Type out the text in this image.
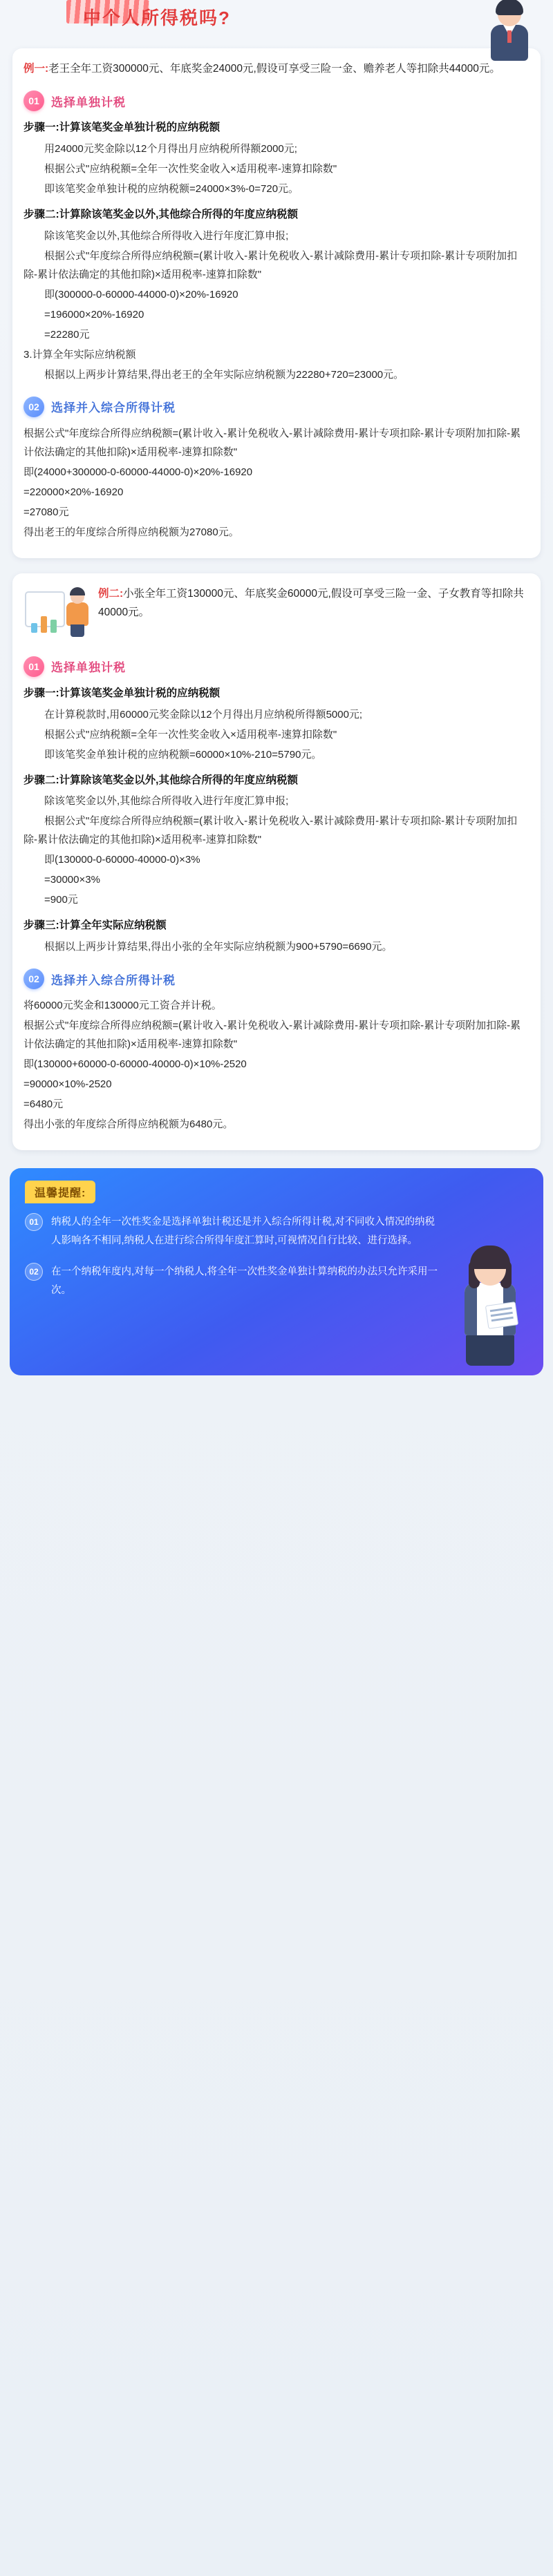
中个人所得税吗?
例一:老王全年工资300000元、年底奖金24000元,假设可享受三险一金、赡养老人等扣除共44000元。
01	选择单独计税
步骤一:计算该笔奖金单独计税的应纳税额

用24000元奖金除以12个月得出月应纳税所得额2000元;

根据公式"应纳税额=全年一次性奖金收入×适用税率-速算扣除数"

即该笔奖金单独计税的应纳税额=24000×3%-0=720元。

步骤二:计算除该笔奖金以外,其他综合所得的年度应纳税额

除该笔奖金以外,其他综合所得收入进行年度汇算申报;

根据公式"年度综合所得应纳税额=(累计收入-累计免税收入-累计减除费用-累计专项扣除-累计专项附加扣除-累计依法确定的其他扣除)×适用税率-速算扣除数"

即(300000-0-60000-44000-0)×20%-16920

=196000×20%-16920

=22280元

3.计算全年实际应纳税额

根据以上两步计算结果,得出老王的全年实际应纳税额为22280+720=23000元。

02	选择并入综合所得计税

根据公式"年度综合所得应纳税额=(累计收入-累计免税收入-累计减除费用-累计专项扣除-累计专项附加扣除-累计依法确定的其他扣除)×适用税率-速算扣除数"

即(24000+300000-0-60000-44000-0)×20%-16920

=220000×20%-16920

=27080元

得出老王的年度综合所得应纳税额为27080元。

例二:小张全年工资130000元、年底奖金60000元,假设可享受三险一金、子女教育等扣除共40000元。
01	选择单独计税
步骤一:计算该笔奖金单独计税的应纳税额

在计算税款时,用60000元奖金除以12个月得出月应纳税所得额5000元;

根据公式"应纳税额=全年一次性奖金收入×适用税率-速算扣除数"

即该笔奖金单独计税的应纳税额=60000×10%-210=5790元。

步骤二:计算除该笔奖金以外,其他综合所得的年度应纳税额

除该笔奖金以外,其他综合所得收入进行年度汇算申报;

根据公式"年度综合所得应纳税额=(累计收入-累计免税收入-累计减除费用-累计专项扣除-累计专项附加扣除-累计依法确定的其他扣除)×适用税率-速算扣除数"

即(130000-0-60000-40000-0)×3%

=30000×3%

=900元

步骤三:计算全年实际应纳税额

根据以上两步计算结果,得出小张的全年实际应纳税额为900+5790=6690元。

02	选择并入综合所得计税

将60000元奖金和130000元工资合并计税。

根据公式"年度综合所得应纳税额=(累计收入-累计免税收入-累计减除费用-累计专项扣除-累计专项附加扣除-累计依法确定的其他扣除)×适用税率-速算扣除数"

即(130000+60000-0-60000-40000-0)×10%-2520

=90000×10%-2520

=6480元

得出小张的年度综合所得应纳税额为6480元。

温馨提醒:
01	纳税人的全年一次性奖金是选择单独计税还是并入综合所得计税,对不同收入情况的纳税人影响各不相同,纳税人在进行综合所得年度汇算时,可视情况自行比较、进行选择。
02	在一个纳税年度内,对每一个纳税人,将全年一次性奖金单独计算纳税的办法只允许采用一次。
